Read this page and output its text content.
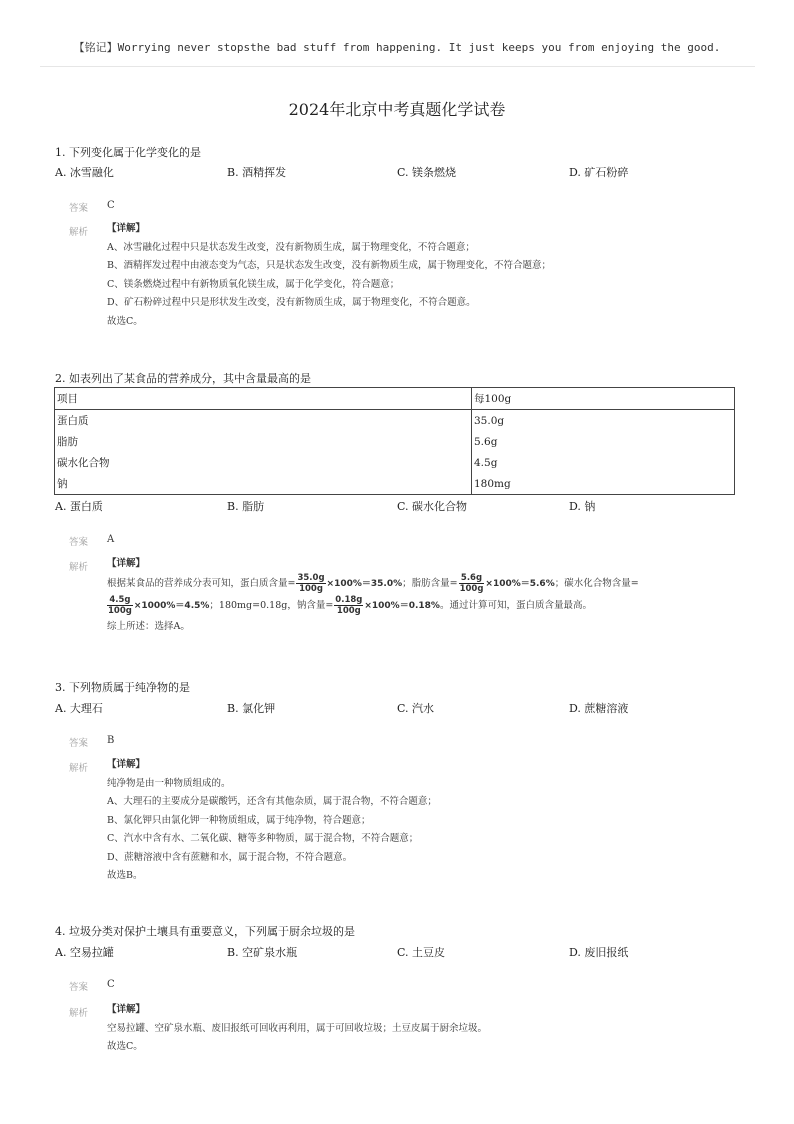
【铭记】Worrying never stopsthe bad stuff from happening. It just keeps you from enjoying the good.
2024年北京中考真题化学试卷
1. 下列变化属于化学变化的是
A. 冰雪融化	B. 酒精挥发	C. 镁条燃烧	D. 矿石粉碎
答案 C
解析 【详解】
A、冰雪融化过程中只是状态发生改变，没有新物质生成，属于物理变化，不符合题意；
B、酒精挥发过程中由液态变为气态，只是状态发生改变，没有新物质生成，属于物理变化，不符合题意；
C、镁条燃烧过程中有新物质氧化镁生成，属于化学变化，符合题意；
D、矿石粉碎过程中只是形状发生改变，没有新物质生成，属于物理变化，不符合题意。
故选C。
2. 如表列出了某食品的营养成分，其中含量最高的是
项目	每100g
蛋白质	35.0g
脂肪	5.6g
碳水化合物	4.5g
钠	180mg
A. 蛋白质	B. 脂肪	C. 碳水化合物	D. 钠
答案 A
解析 【详解】
根据某食品的营养成分表可知，蛋白质含量= $\frac{35.0g}{100g} \times 100\%=35.0\%$；脂肪含量= $\frac{5.6g}{100g} \times 100\%=5.6\%$；碳水化合物含量=
$\frac{4.5g}{100g} \times 1000\%=4.5\%$；180mg=0.18g，钠含量= $\frac{0.18g}{100g} \times 100\%=0.18\%$。通过计算可知，蛋白质含量最高。
综上所述：选择A。
3. 下列物质属于纯净物的是
A. 大理石	B. 氯化钾	C. 汽水	D. 蔗糖溶液
答案 B
解析 【详解】
纯净物是由一种物质组成的。
A、大理石的主要成分是碳酸钙，还含有其他杂质，属于混合物，不符合题意；
B、氯化钾只由氯化钾一种物质组成，属于纯净物，符合题意；
C、汽水中含有水、二氧化碳、糖等多种物质，属于混合物，不符合题意；
D、蔗糖溶液中含有蔗糖和水，属于混合物，不符合题意。
故选B。
4. 垃圾分类对保护土壤具有重要意义，下列属于厨余垃圾的是
A. 空易拉罐	B. 空矿泉水瓶	C. 土豆皮	D. 废旧报纸
答案 C
解析 【详解】
空易拉罐、空矿泉水瓶、废旧报纸可回收再利用，属于可回收垃圾；土豆皮属于厨余垃圾。
故选C。
